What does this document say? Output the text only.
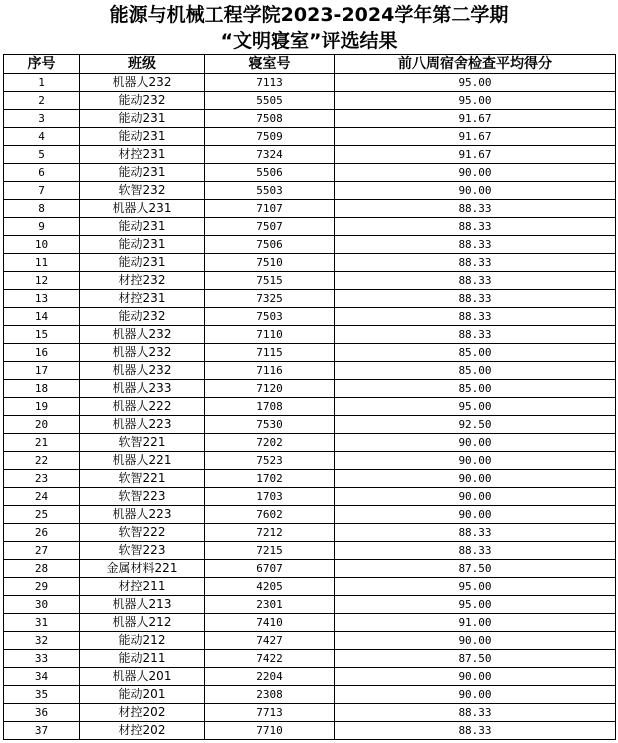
能源与机械工程学院2023-2024学年第二学期
“文明寝室”评选结果
序号	班级	寝室号	前八周宿舍检查平均得分
1	机器人232	7113	95.00
2	能动232	5505	95.00
3	能动231	7508	91.67
4	能动231	7509	91.67
5	材控231	7324	91.67
6	能动231	5506	90.00
7	软智232	5503	90.00
8	机器人231	7107	88.33
9	能动231	7507	88.33
10	能动231	7506	88.33
11	能动231	7510	88.33
12	材控232	7515	88.33
13	材控231	7325	88.33
14	能动232	7503	88.33
15	机器人232	7110	88.33
16	机器人232	7115	85.00
17	机器人232	7116	85.00
18	机器人233	7120	85.00
19	机器人222	1708	95.00
20	机器人223	7530	92.50
21	软智221	7202	90.00
22	机器人221	7523	90.00
23	软智221	1702	90.00
24	软智223	1703	90.00
25	机器人223	7602	90.00
26	软智222	7212	88.33
27	软智223	7215	88.33
28	金属材料221	6707	87.50
29	材控211	4205	95.00
30	机器人213	2301	95.00
31	机器人212	7410	91.00
32	能动212	7427	90.00
33	能动211	7422	87.50
34	机器人201	2204	90.00
35	能动201	2308	90.00
36	材控202	7713	88.33
37	材控202	7710	88.33
